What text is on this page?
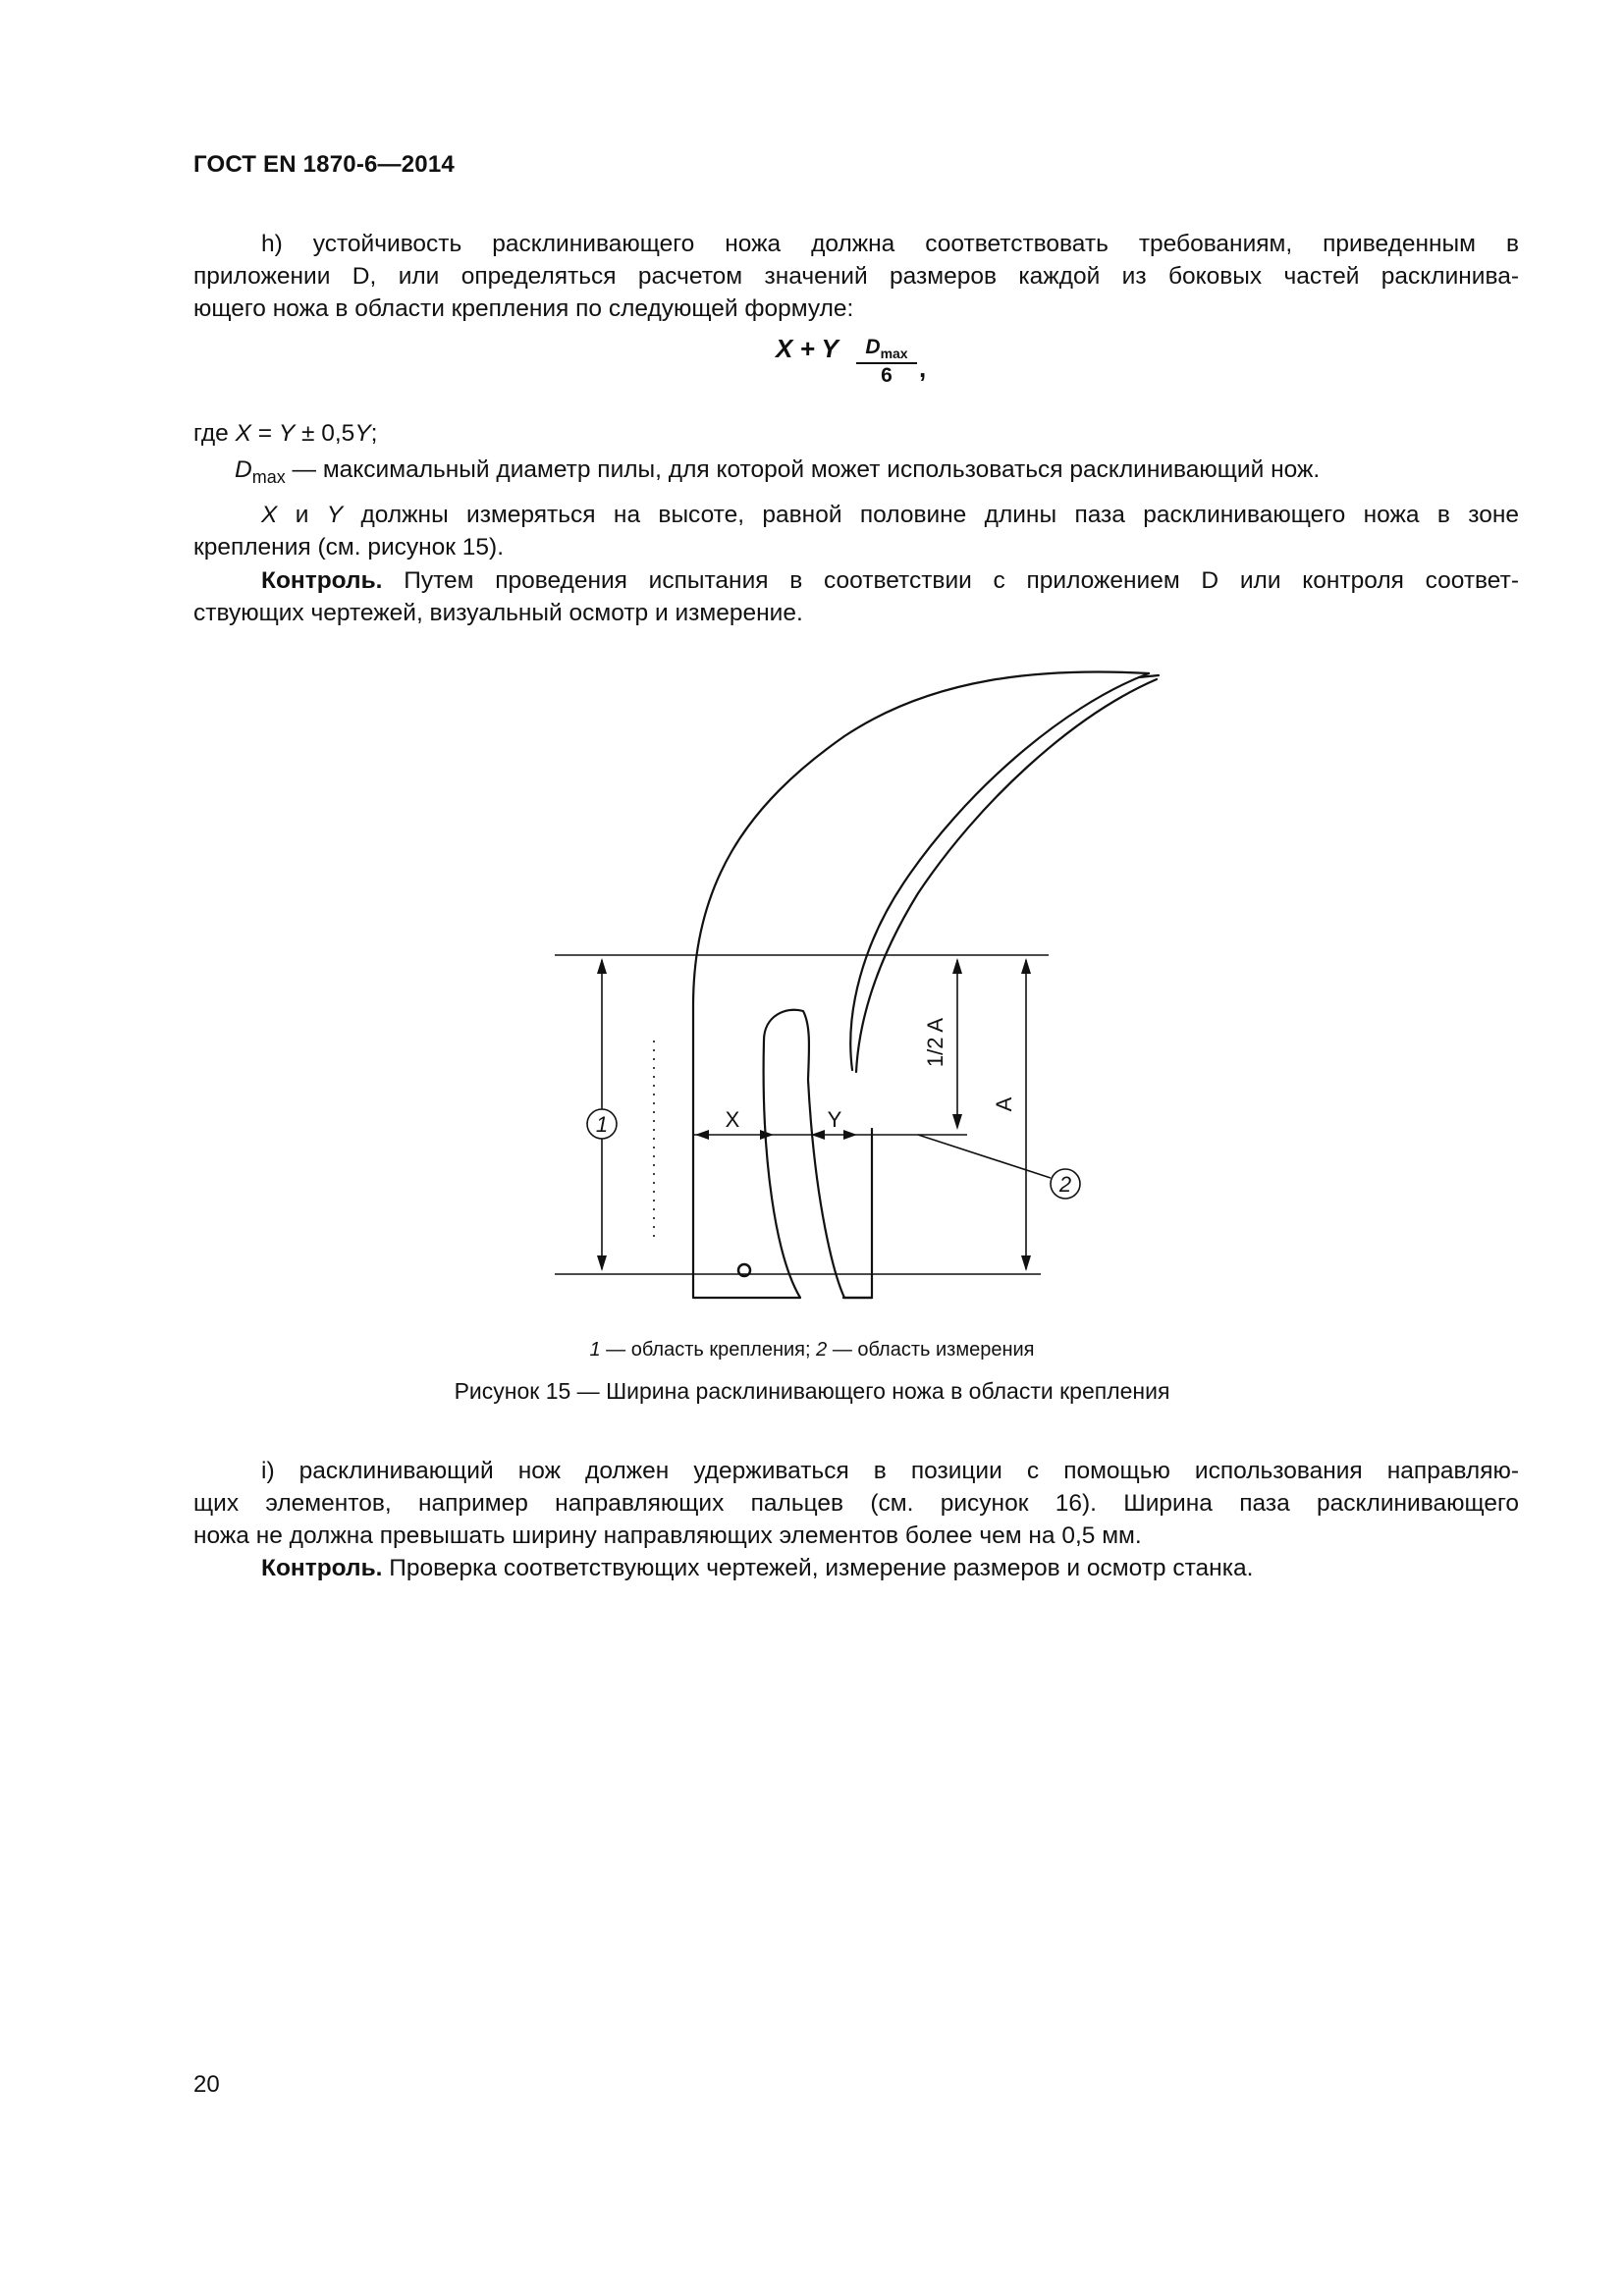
ГОСТ EN 1870-6—2014
h) устойчивость расклинивающего ножа должна соответствовать требованиям, приведенным в
приложении D, или определяться расчетом значений размеров каждой из боковых частей расклинива-
ющего ножа в области крепления по следующей формуле:
X + Y	$D_{max}$
6	,
где X = Y ± 0,5Y;
$D_{max}$ — максимальный диаметр пилы, для которой может использоваться расклинивающий нож.
X и Y должны измеряться на высоте, равной половине длины паза расклинивающего ножа в зоне
крепления (см. рисунок 15).
Контроль. Путем проведения испытания в соответствии с приложением D или контроля соответ-
ствующих чертежей, визуальный осмотр и измерение.
X	Y
1/2 A
A
1
2
1 — область крепления; 2 — область измерения
Рисунок 15 — Ширина расклинивающего ножа в области крепления
i) расклинивающий нож должен удерживаться в позиции с помощью использования направляю-
щих элементов, например направляющих пальцев (см. рисунок 16). Ширина паза расклинивающего
ножа не должна превышать ширину направляющих элементов более чем на 0,5 мм.
Контроль. Проверка соответствующих чертежей, измерение размеров и осмотр станка.
20
